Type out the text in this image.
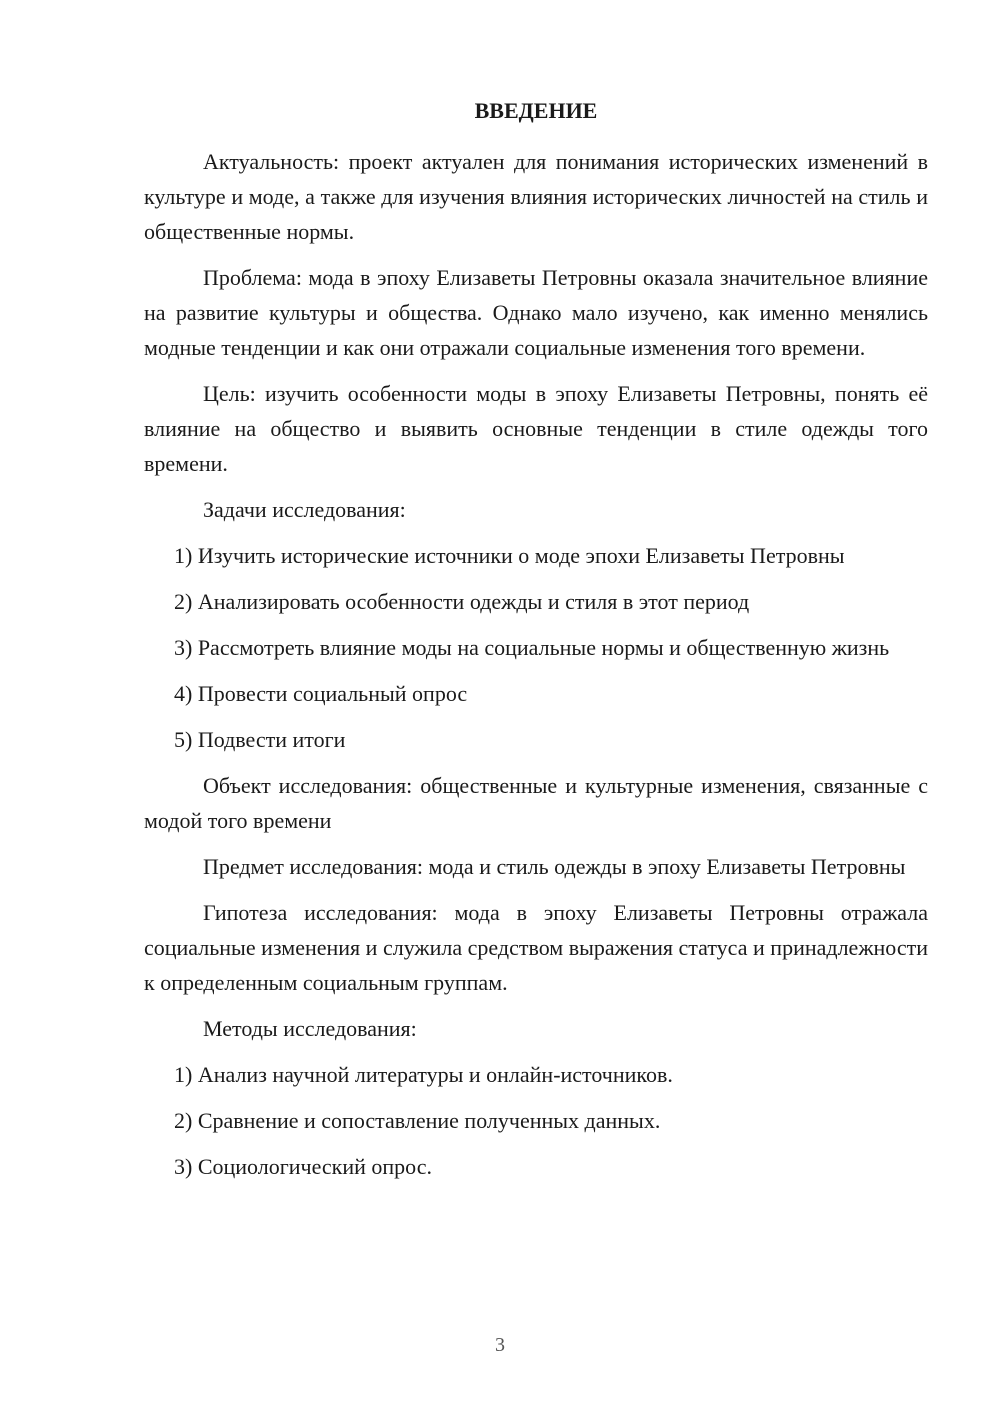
ВВЕДЕНИЕ

Актуальность: проект актуален для понимания исторических изменений в культуре и моде, а также для изучения влияния исторических личностей на стиль и общественные нормы.

Проблема: мода в эпоху Елизаветы Петровны оказала значительное влияние на развитие культуры и общества. Однако мало изучено, как именно менялись модные тенденции и как они отражали социальные изменения того времени.

Цель: изучить особенности моды в эпоху Елизаветы Петровны, понять её влияние на общество и выявить основные тенденции в стиле одежды того времени.

Задачи исследования:

1) Изучить исторические источники о моде эпохи Елизаветы Петровны

2) Анализировать особенности одежды и стиля в этот период

3) Рассмотреть влияние моды на социальные нормы и общественную жизнь

4) Провести социальный опрос

5) Подвести итоги

Объект исследования: общественные и культурные изменения, связанные с модой того времени

Предмет исследования: мода и стиль одежды в эпоху Елизаветы Петровны

Гипотеза исследования: мода в эпоху Елизаветы Петровны отражала социальные изменения и служила средством выражения статуса и принадлежности к определенным социальным группам.

Методы исследования:

1) Анализ научной литературы и онлайн-источников.

2) Сравнение и сопоставление полученных данных.

3) Социологический опрос.

3
